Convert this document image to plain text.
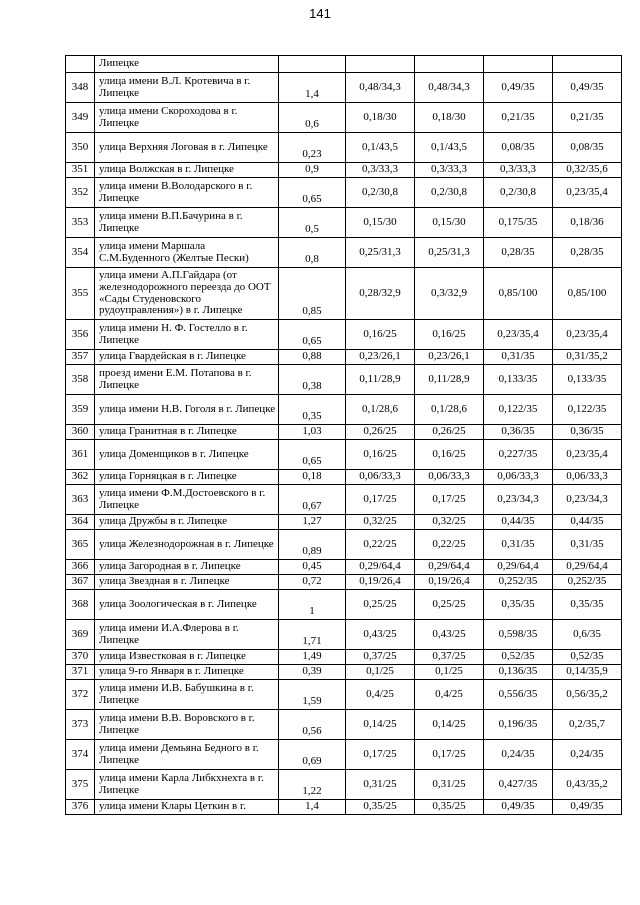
141
	Липецке					
348	улица имени В.Л. Кротевича в г. Липецке	1,4	0,48/34,3	0,48/34,3	0,49/35	0,49/35
349	улица имени Скороходова в г. Липецке	0,6	0,18/30	0,18/30	0,21/35	0,21/35
350	улица Верхняя Логовая в г. Липецке	0,23	0,1/43,5	0,1/43,5	0,08/35	0,08/35
351	улица Волжская в г. Липецке	0,9	0,3/33,3	0,3/33,3	0,3/33,3	0,32/35,6
352	улица имени В.Володарского в г. Липецке	0,65	0,2/30,8	0,2/30,8	0,2/30,8	0,23/35,4
353	улица имени В.П.Бачурина в г. Липецке	0,5	0,15/30	0,15/30	0,175/35	0,18/36
354	улица имени Маршала С.М.Буденного (Желтые Пески)	0,8	0,25/31,3	0,25/31,3	0,28/35	0,28/35
355	улица имени А.П.Гайдара (от железнодорожного переезда до ООТ «Сады Студеновского рудоуправления») в г. Липецке	0,85	0,28/32,9	0,3/32,9	0,85/100	0,85/100
356	улица имени Н. Ф. Гостелло в г. Липецке	0,65	0,16/25	0,16/25	0,23/35,4	0,23/35,4
357	улица Гвардейская в г. Липецке	0,88	0,23/26,1	0,23/26,1	0,31/35	0,31/35,2
358	проезд имени Е.М. Потапова в г. Липецке	0,38	0,11/28,9	0,11/28,9	0,133/35	0,133/35
359	улица имени Н.В. Гоголя в г. Липецке	0,35	0,1/28,6	0,1/28,6	0,122/35	0,122/35
360	улица Гранитная в г. Липецке	1,03	0,26/25	0,26/25	0,36/35	0,36/35
361	улица Доменщиков в г. Липецке	0,65	0,16/25	0,16/25	0,227/35	0,23/35,4
362	улица Горняцкая в г. Липецке	0,18	0,06/33,3	0,06/33,3	0,06/33,3	0,06/33,3
363	улица имени Ф.М.Достоевского в г. Липецке	0,67	0,17/25	0,17/25	0,23/34,3	0,23/34,3
364	улица Дружбы в г. Липецке	1,27	0,32/25	0,32/25	0,44/35	0,44/35
365	улица Железнодорожная в г. Липецке	0,89	0,22/25	0,22/25	0,31/35	0,31/35
366	улица Загородная в г. Липецке	0,45	0,29/64,4	0,29/64,4	0,29/64,4	0,29/64,4
367	улица Звездная в г. Липецке	0,72	0,19/26,4	0,19/26,4	0,252/35	0,252/35
368	улица Зоологическая в г. Липецке	1	0,25/25	0,25/25	0,35/35	0,35/35
369	улица имени И.А.Флерова в г. Липецке	1,71	0,43/25	0,43/25	0,598/35	0,6/35
370	улица Известковая в г. Липецке	1,49	0,37/25	0,37/25	0,52/35	0,52/35
371	улица 9-го Января в г. Липецке	0,39	0,1/25	0,1/25	0,136/35	0,14/35,9
372	улица имени И.В. Бабушкина в г. Липецке	1,59	0,4/25	0,4/25	0,556/35	0,56/35,2
373	улица имени В.В. Воровского в г. Липецке	0,56	0,14/25	0,14/25	0,196/35	0,2/35,7
374	улица имени Демьяна Бедного в г. Липецке	0,69	0,17/25	0,17/25	0,24/35	0,24/35
375	улица имени Карла Либкхнехта в г. Липецке	1,22	0,31/25	0,31/25	0,427/35	0,43/35,2
376	улица имени Клары Цеткин в г.	1,4	0,35/25	0,35/25	0,49/35	0,49/35
